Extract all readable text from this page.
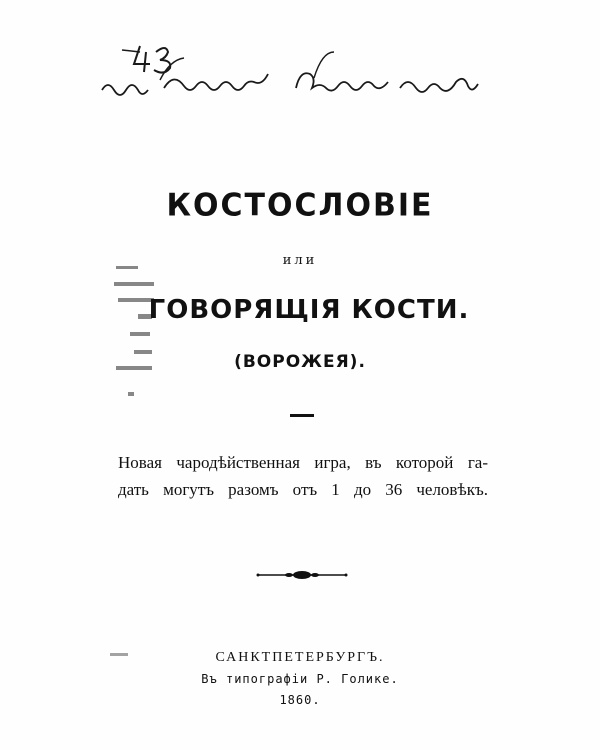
КОСТОСЛОВІЕ
или
ГОВОРЯЩІЯ КОСТИ.
(ВОРОЖЕЯ).
Новая чародѣйственная игра, въ которой га-
дать могутъ разомъ отъ 1 до 36 человѣкъ.
САНКТПЕТЕРБУРГЪ.
Въ типографіи Р. Голике.
1860.
